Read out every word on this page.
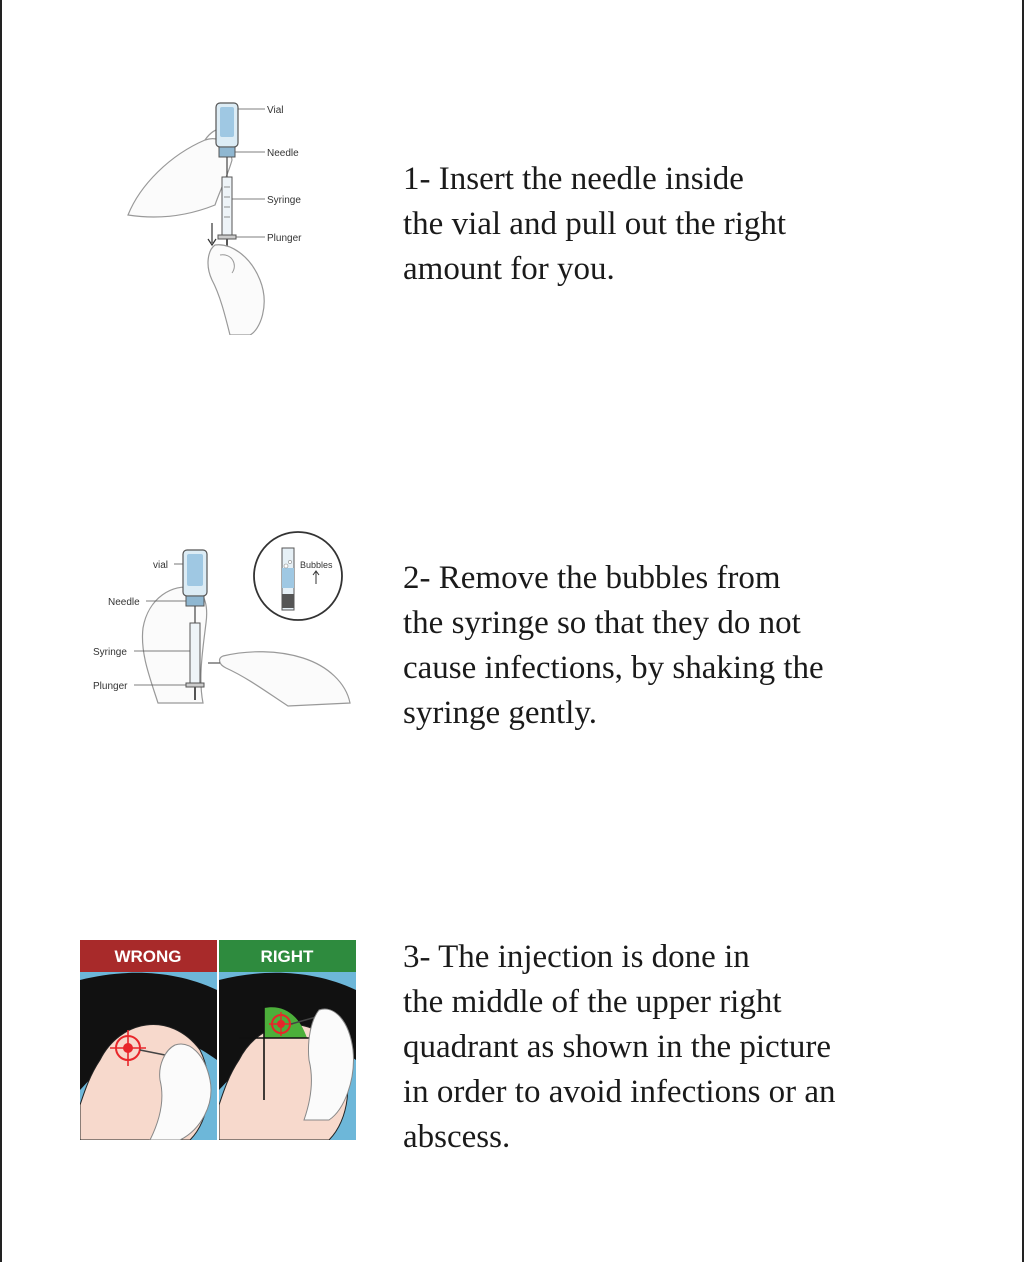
Vial
Needle
Syringe
Plunger

1- Insert the needle inside
the vial and pull out the right
amount for you.

Bubbles
vial
Needle
Syringe
Plunger

2- Remove the bubbles from
the syringe so that they do not
cause infections, by shaking the
syringe gently.

WRONG	RIGHT	3- The injection is done in
the middle of the upper right
quadrant as shown in the picture
in order to avoid infections or an
abscess.
